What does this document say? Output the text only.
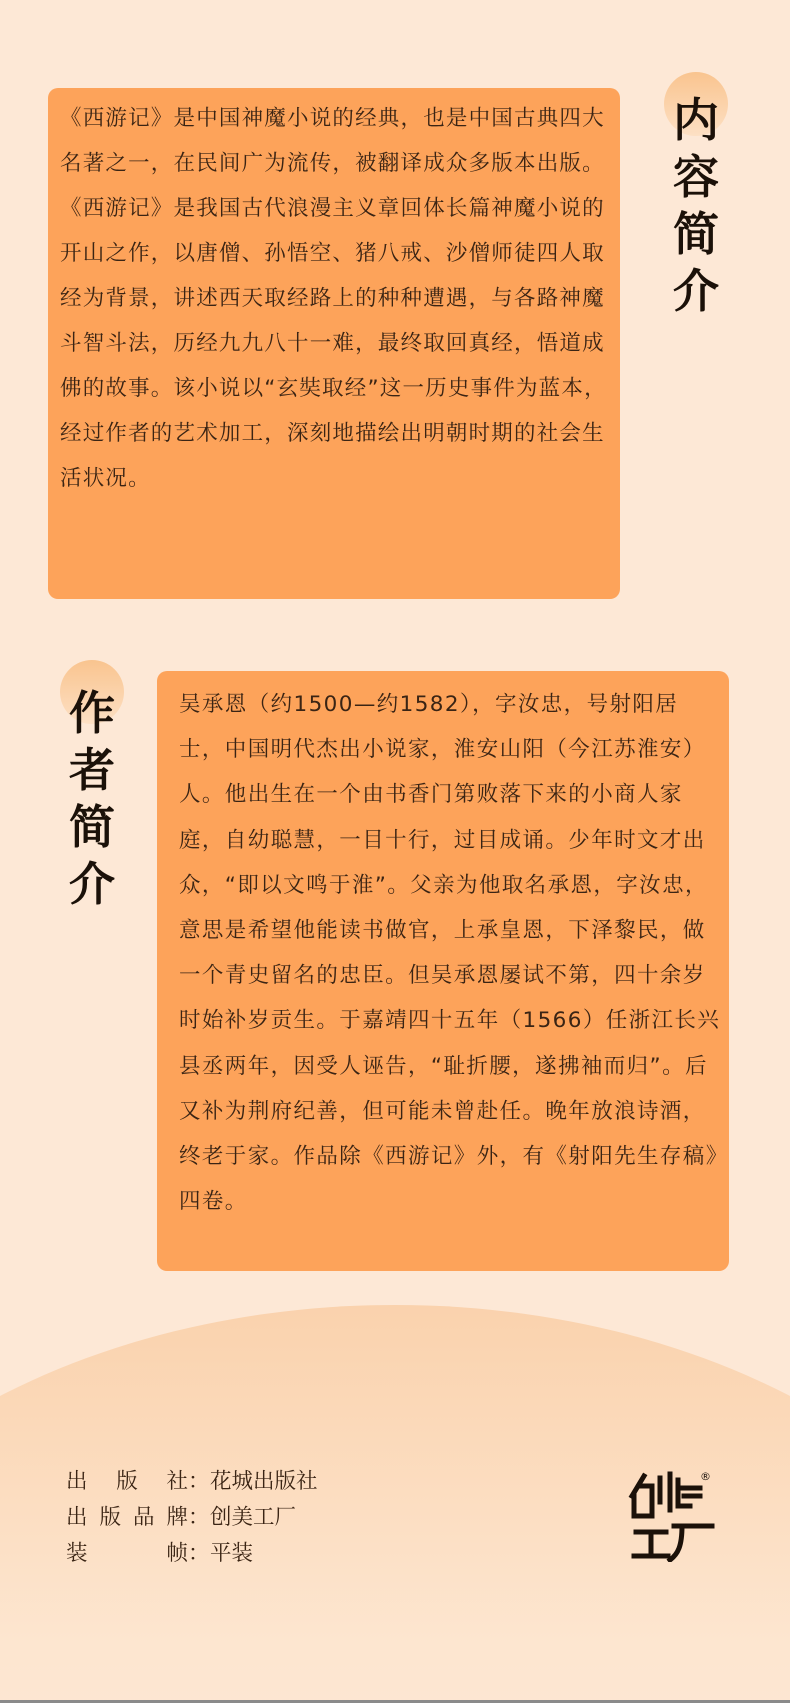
内
容
简
介

《西游记》是中国神魔小说的经典，也是中国古典四大名著之一，在民间广为流传，被翻译成众多版本出版。

《西游记》是我国古代浪漫主义章回体长篇神魔小说的开山之作，以唐僧、孙悟空、猪八戒、沙僧师徒四人取经为背景，讲述西天取经路上的种种遭遇，与各路神魔斗智斗法，历经九九八十一难，最终取回真经，悟道成佛的故事。该小说以“玄奘取经”这一历史事件为蓝本，经过作者的艺术加工，深刻地描绘出明朝时期的社会生活状况。

作
者
简
介

吴承恩（约1500—约1582），字汝忠，号射阳居士，中国明代杰出小说家，淮安山阳（今江苏淮安）人。他出生在一个由书香门第败落下来的小商人家庭，自幼聪慧，一目十行，过目成诵。少年时文才出众，“即以文鸣于淮”。父亲为他取名承恩，字汝忠，意思是希望他能读书做官，上承皇恩，下泽黎民，做一个青史留名的忠臣。但吴承恩屡试不第，四十余岁时始补岁贡生。于嘉靖四十五年（1566）任浙江长兴县丞两年，因受人诬告，“耻折腰，遂拂袖而归”。后又补为荆府纪善，但可能未曾赴任。晚年放浪诗酒，终老于家。作品除《西游记》外，有《射阳先生存稿》四卷。

出 版 社 ： 花城出版社
出 版 品 牌 ： 创美工厂
装	帧 ： 平装
®
